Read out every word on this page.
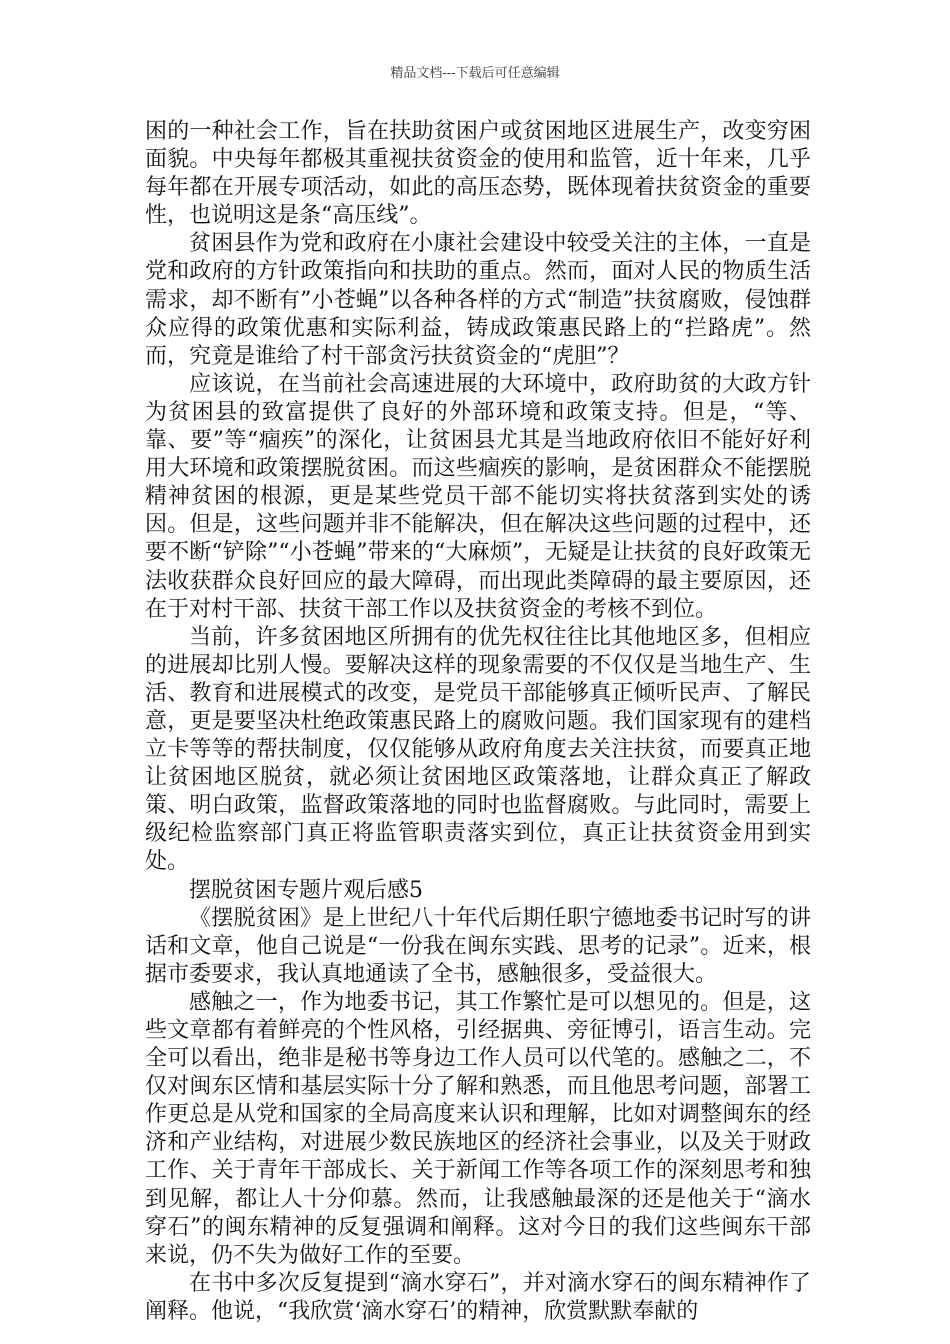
精品文档---下载后可任意编辑

困的一种社会工作，旨在扶助贫困户或贫困地区进展生产，改变穷困面貌。中央每年都极其重视扶贫资金的使用和监管，近十年来，几乎每年都在开展专项活动，如此的高压态势，既体现着扶贫资金的重要性，也说明这是条“高压线”。

贫困县作为党和政府在小康社会建设中较受关注的主体，一直是党和政府的方针政策指向和扶助的重点。然而，面对人民的物质生活需求，却不断有”小苍蝇”以各种各样的方式“制造”扶贫腐败，侵蚀群众应得的政策优惠和实际利益，铸成政策惠民路上的“拦路虎”。然而，究竟是谁给了村干部贪污扶贫资金的“虎胆”？

应该说，在当前社会高速进展的大环境中，政府助贫的大政方针为贫困县的致富提供了良好的外部环境和政策支持。但是，“等、靠、要”等“痼疾”的深化，让贫困县尤其是当地政府依旧不能好好利用大环境和政策摆脱贫困。而这些痼疾的影响，是贫困群众不能摆脱精神贫困的根源，更是某些党员干部不能切实将扶贫落到实处的诱因。但是，这些问题并非不能解决，但在解决这些问题的过程中，还要不断“铲除”“小苍蝇”带来的“大麻烦”，无疑是让扶贫的良好政策无法收获群众良好回应的最大障碍，而出现此类障碍的最主要原因，还在于对村干部、扶贫干部工作以及扶贫资金的考核不到位。

当前，许多贫困地区所拥有的优先权往往比其他地区多，但相应的进展却比别人慢。要解决这样的现象需要的不仅仅是当地生产、生活、教育和进展模式的改变，是党员干部能够真正倾听民声、了解民意，更是要坚决杜绝政策惠民路上的腐败问题。我们国家现有的建档立卡等等的帮扶制度，仅仅能够从政府角度去关注扶贫，而要真正地让贫困地区脱贫，就必须让贫困地区政策落地，让群众真正了解政策、明白政策，监督政策落地的同时也监督腐败。与此同时，需要上级纪检监察部门真正将监管职责落实到位，真正让扶贫资金用到实处。

摆脱贫困专题片观后感5

《摆脱贫困》是上世纪八十年代后期任职宁德地委书记时写的讲话和文章，他自己说是“一份我在闽东实践、思考的记录”。近来，根据市委要求，我认真地通读了全书，感触很多，受益很大。

感触之一，作为地委书记，其工作繁忙是可以想见的。但是，这些文章都有着鲜亮的个性风格，引经据典、旁征博引，语言生动。完全可以看出，绝非是秘书等身边工作人员可以代笔的。感触之二，不仅对闽东区情和基层实际十分了解和熟悉，而且他思考问题，部署工作更总是从党和国家的全局高度来认识和理解，比如对调整闽东的经济和产业结构，对进展少数民族地区的经济社会事业，以及关于财政工作、关于青年干部成长、关于新闻工作等各项工作的深刻思考和独到见解，都让人十分仰慕。然而，让我感触最深的还是他关于“滴水穿石”的闽东精神的反复强调和阐释。这对今日的我们这些闽东干部来说，仍不失为做好工作的至要。

在书中多次反复提到“滴水穿石”，并对滴水穿石的闽东精神作了阐释。他说，“我欣赏‘滴水穿石’的精神，欣赏默默奉献的
